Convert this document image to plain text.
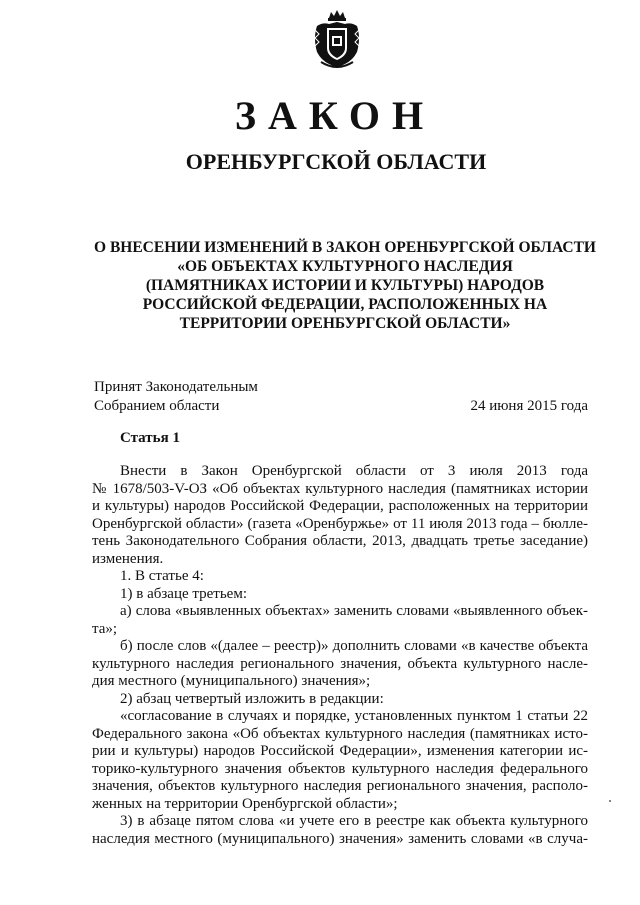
ЗАКОН
ОРЕНБУРГСКОЙ ОБЛАСТИ
О ВНЕСЕНИИ ИЗМЕНЕНИЙ В ЗАКОН ОРЕНБУРГСКОЙ ОБЛАСТИ
«ОБ ОБЪЕКТАХ КУЛЬТУРНОГО НАСЛЕДИЯ
(ПАМЯТНИКАХ ИСТОРИИ И КУЛЬТУРЫ) НАРОДОВ
РОССИЙСКОЙ ФЕДЕРАЦИИ, РАСПОЛОЖЕННЫХ НА
ТЕРРИТОРИИ ОРЕНБУРГСКОЙ ОБЛАСТИ»
Принят Законодательным
Собранием области	24 июня 2015 года
Статья 1
Внести в Закон Оренбургской области от 3 июля 2013 года
№ 1678/503-V-ОЗ «Об объектах культурного наследия (памятниках истории
и культуры) народов Российской Федерации, расположенных на территории
Оренбургской области» (газета «Оренбуржье» от 11 июля 2013 года – бюлле-
тень Законодательного Собрания области, 2013, двадцать третье заседание)
изменения.
1. В статье 4:
1) в абзаце третьем:
а) слова «выявленных объектах» заменить словами «выявленного объек-
та»;
б) после слов «(далее – реестр)» дополнить словами «в качестве объекта
культурного наследия регионального значения, объекта культурного насле-
дия местного (муниципального) значения»;
2) абзац четвертый изложить в редакции:
«согласование в случаях и порядке, установленных пунктом 1 статьи 22
Федерального закона «Об объектах культурного наследия (памятниках исто-
рии и культуры) народов Российской Федерации», изменения категории ис-
торико-культурного значения объектов культурного наследия федерального
значения, объектов культурного наследия регионального значения, располо-
женных на территории Оренбургской области»;
3) в абзаце пятом слова «и учете его в реестре как объекта культурного
наследия местного (муниципального) значения» заменить словами «в случа-
